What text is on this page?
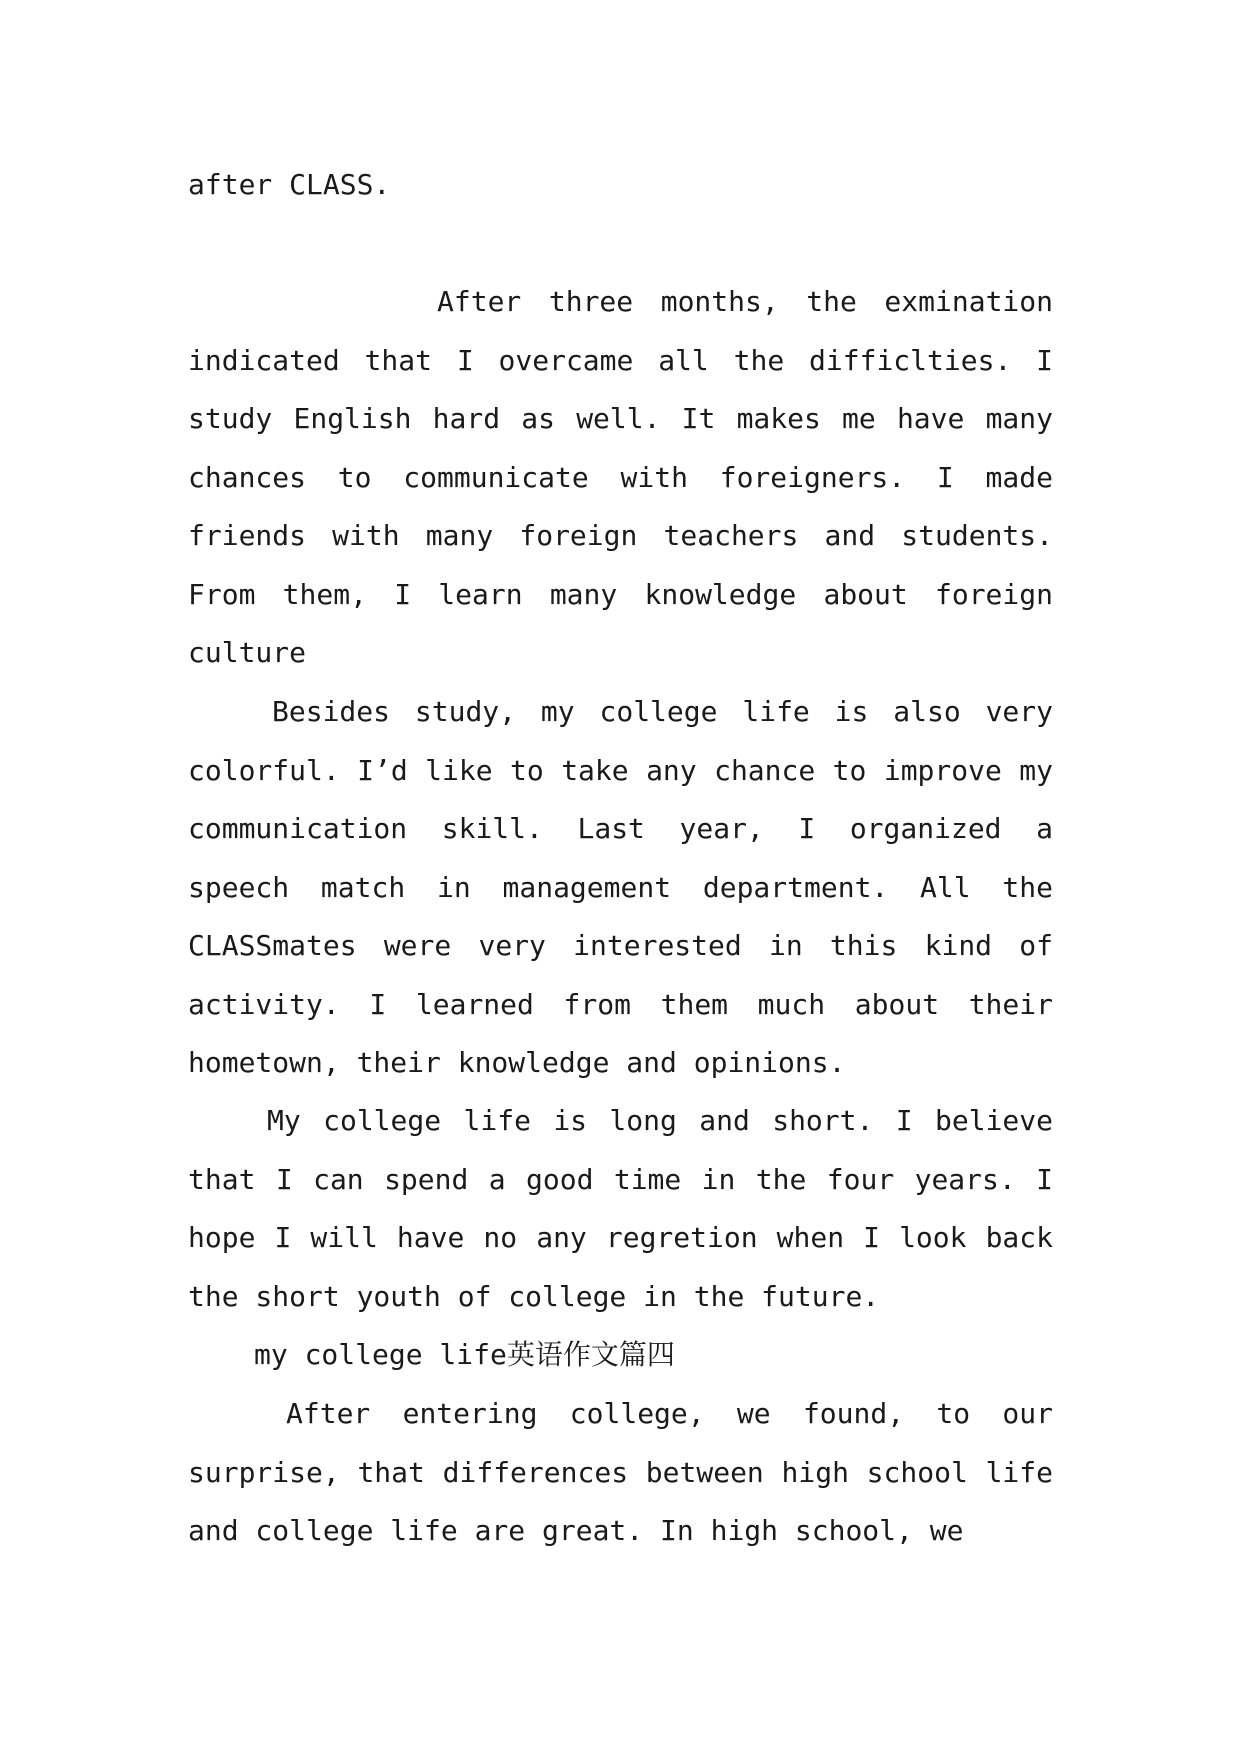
after CLASS.

After three months, the exmination indicated that I overcame all the difficlties. I study English hard as well. It makes me have many chances to communicate with foreigners. I made friends with many foreign teachers and students. From them, I learn many knowledge about foreign culture

Besides study, my college life is also very colorful. I’d like to take any chance to improve my communication skill. Last year, I organized a speech match in management department. All the CLASSmates were very interested in this kind of activity. I learned from them much about their hometown, their knowledge and opinions.

My college life is long and short. I believe that I can spend a good time in the four years. I hope I will have no any regretion when I look back the short youth of college in the future.

my college life英语作文篇四

After entering college, we found, to our surprise, that differences between high school life and college life are great. In high school, we
